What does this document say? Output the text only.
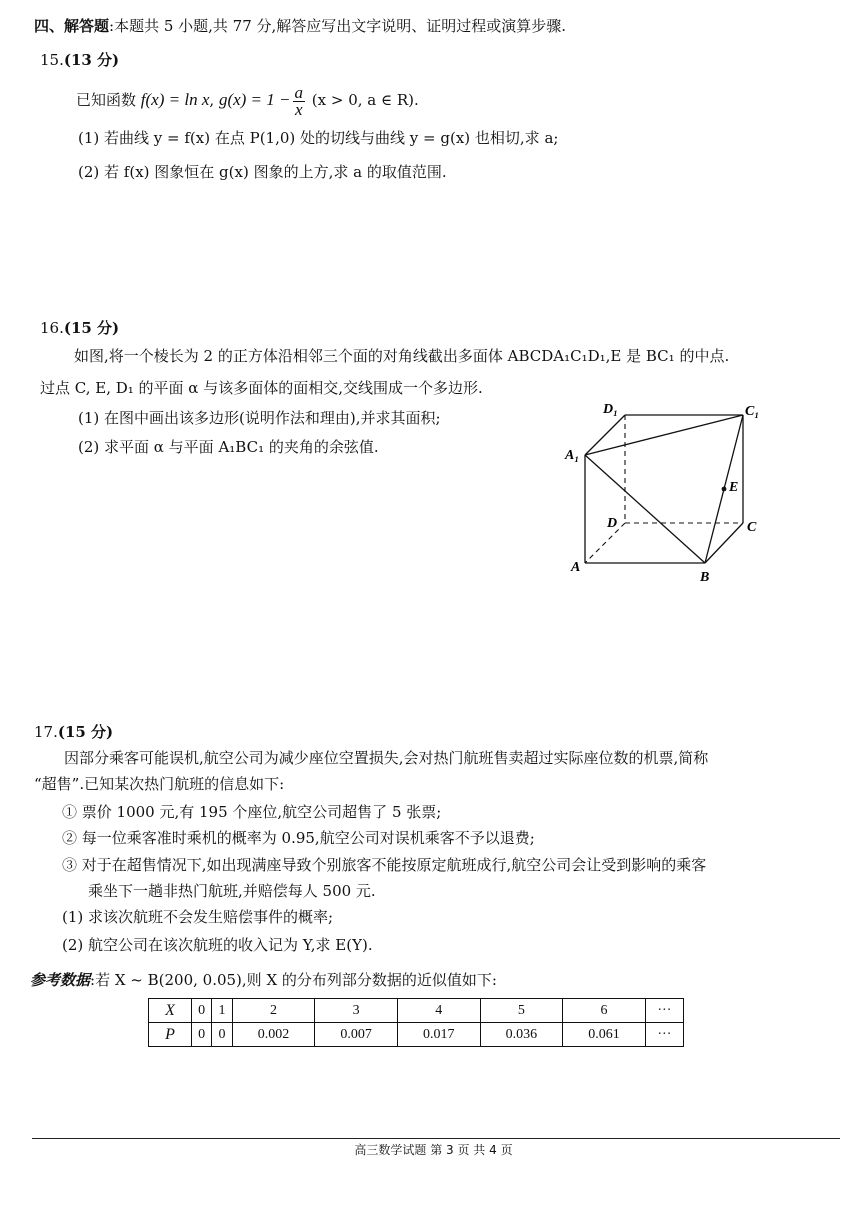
四、解答题:本题共 5 小题,共 77 分,解答应写出文字说明、证明过程或演算步骤.
15.(13 分)
已知函数 f(x) = ln x, $g(x) = 1 - \frac{a}{x} (x > 0$, a ∈ R).
(1) 若曲线 y = f(x) 在点 P(1,0) 处的切线与曲线 y = g(x) 也相切,求 a;
(2) 若 f(x) 图象恒在 g(x) 图象的上方,求 a 的取值范围.
16.(15 分)
如图,将一个棱长为 2 的正方体沿相邻三个面的对角线截出多面体 ABCDA₁C₁D₁,E 是 BC₁ 的中点.
过点 C, E, D₁ 的平面 α 与该多面体的面相交,交线围成一个多边形.
(1) 在图中画出该多边形(说明作法和理由),并求其面积;
(2) 求平面 α 与平面 A₁BC₁ 的夹角的余弦值.
D₁	C₁
A₁
E
D	C
A
B
17.(15 分)
因部分乘客可能误机,航空公司为减少座位空置损失,会对热门航班售卖超过实际座位数的机票,简称
“超售”.已知某次热门航班的信息如下:
① 票价 1000 元,有 195 个座位,航空公司超售了 5 张票;
② 每一位乘客准时乘机的概率为 0.95,航空公司对误机乘客不予以退费;
③ 对于在超售情况下,如出现满座导致个别旅客不能按原定航班成行,航空公司会让受到影响的乘客
乘坐下一趟非热门航班,并赔偿每人 500 元.
(1) 求该次航班不会发生赔偿事件的概率;
(2) 航空公司在该次航班的收入记为 Y,求 E(Y).
参考数据:若 X ~ B(200, 0.05),则 X 的分布列部分数据的近似值如下:
X	0	1	2	3	4	5	6	···
P	0	0	0.002	0.007	0.017	0.036	0.061	···
高三数学试题 第 3 页 共 4 页
